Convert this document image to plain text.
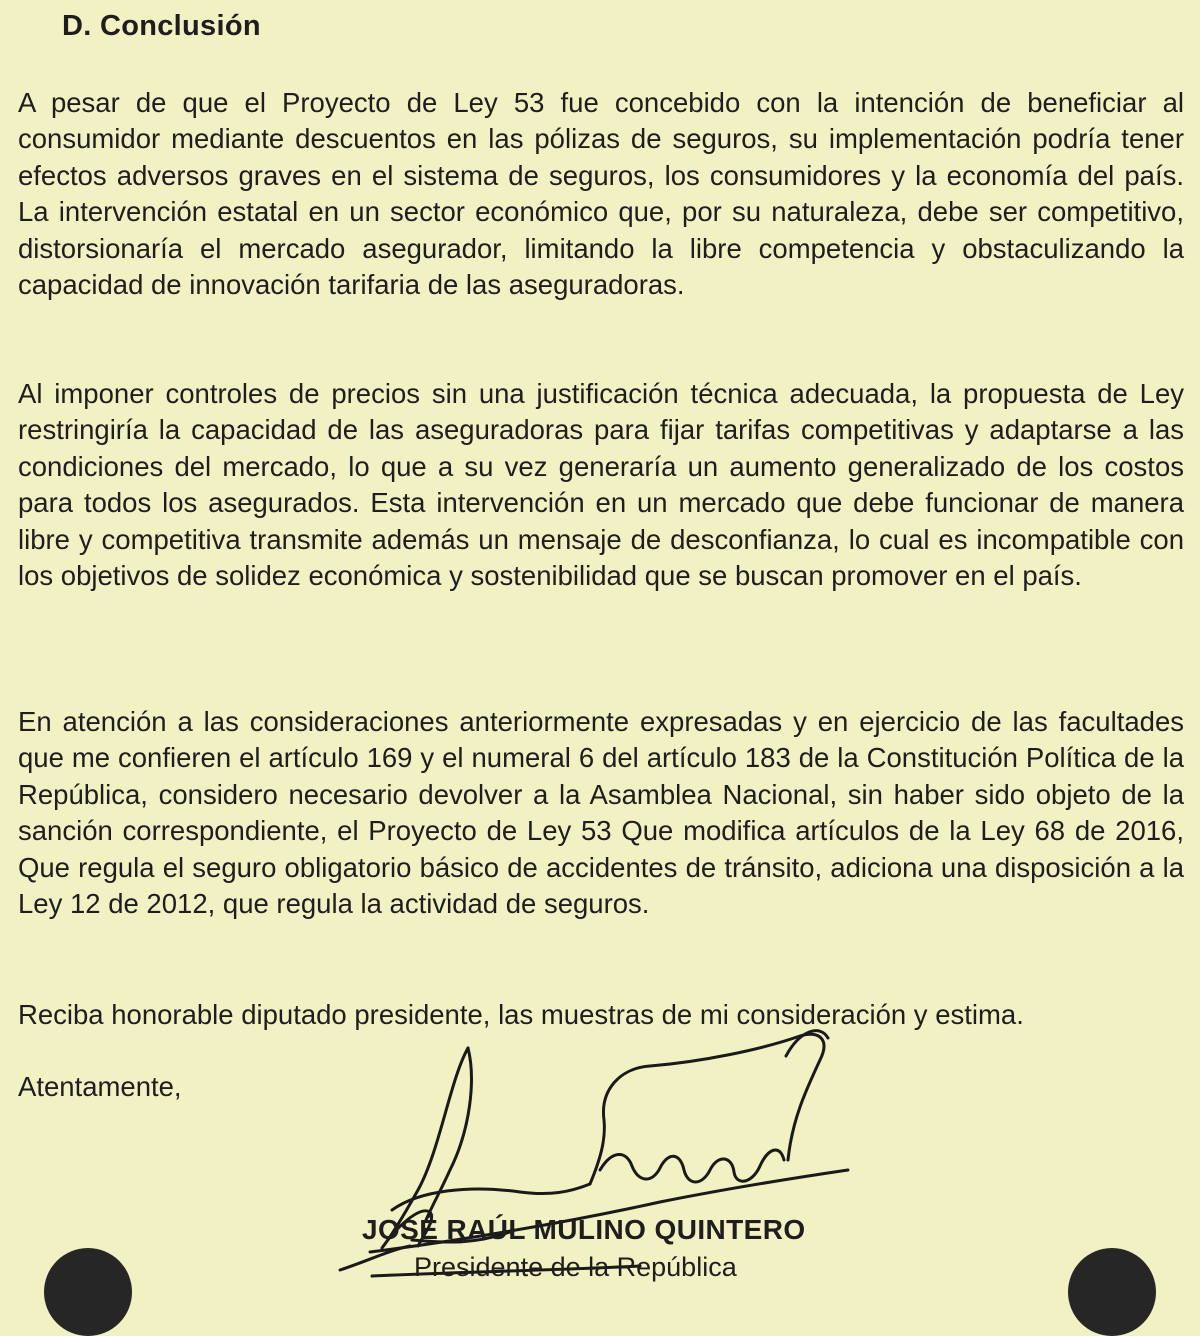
D. Conclusión
A pesar de que el Proyecto de Ley 53 fue concebido con la intención de beneficiar al consumidor mediante descuentos en las pólizas de seguros, su implementación podría tener efectos adversos graves en el sistema de seguros, los consumidores y la economía del país. La intervención estatal en un sector económico que, por su naturaleza, debe ser competitivo, distorsionaría el mercado asegurador, limitando la libre competencia y obstaculizando la capacidad de innovación tarifaria de las aseguradoras.
Al imponer controles de precios sin una justificación técnica adecuada, la propuesta de Ley restringiría la capacidad de las aseguradoras para fijar tarifas competitivas y adaptarse a las condiciones del mercado, lo que a su vez generaría un aumento generalizado de los costos para todos los asegurados. Esta intervención en un mercado que debe funcionar de manera libre y competitiva transmite además un mensaje de desconfianza, lo cual es incompatible con los objetivos de solidez económica y sostenibilidad que se buscan promover en el país.
En atención a las consideraciones anteriormente expresadas y en ejercicio de las facultades que me confieren el artículo 169 y el numeral 6 del artículo 183 de la Constitución Política de la República, considero necesario devolver a la Asamblea Nacional, sin haber sido objeto de la sanción correspondiente, el Proyecto de Ley 53 Que modifica artículos de la Ley 68 de 2016, Que regula el seguro obligatorio básico de accidentes de tránsito, adiciona una disposición a la Ley 12 de 2012, que regula la actividad de seguros.
Reciba honorable diputado presidente, las muestras de mi consideración y estima.
Atentamente,
JOSÉ RAÚL MULINO QUINTERO
Presidente de la República
